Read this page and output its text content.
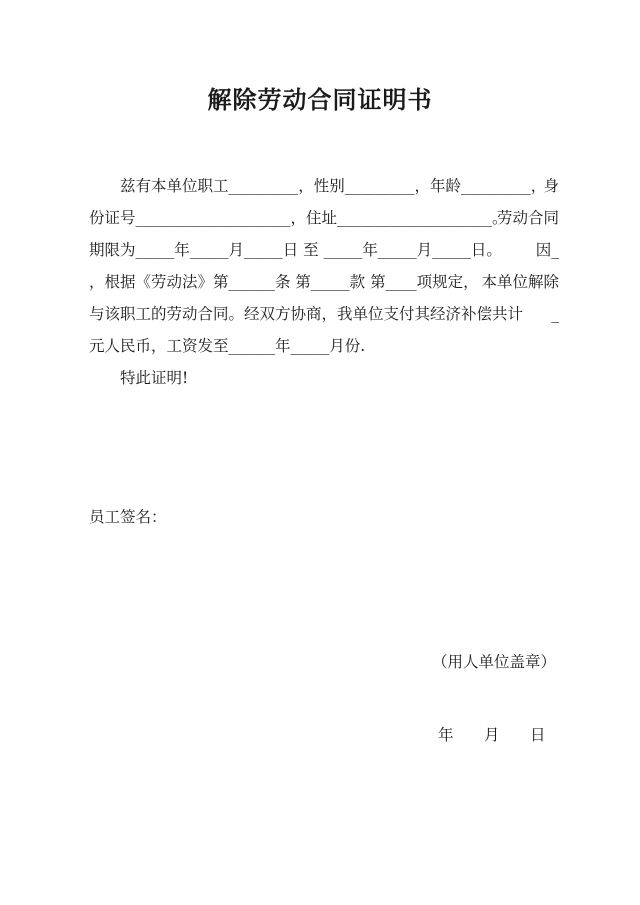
解除劳动合同证明书
兹有本单位职工_________，性别_________，年龄_________，
身
份证号____________________，住址____________________。
劳动合同
期限为_____年_____月_____日 至 _____年_____月_____日。 因_
，根据《劳动法》第______条 第_____款 第____项规定， 本单位解除
与该职工的劳动合同。经双方协商，我单位支付其经济补偿共计 _
元人民币，工资发至______年_____月份.
特此证明!
员工签名：
（用人单位盖章）
年 月 日
